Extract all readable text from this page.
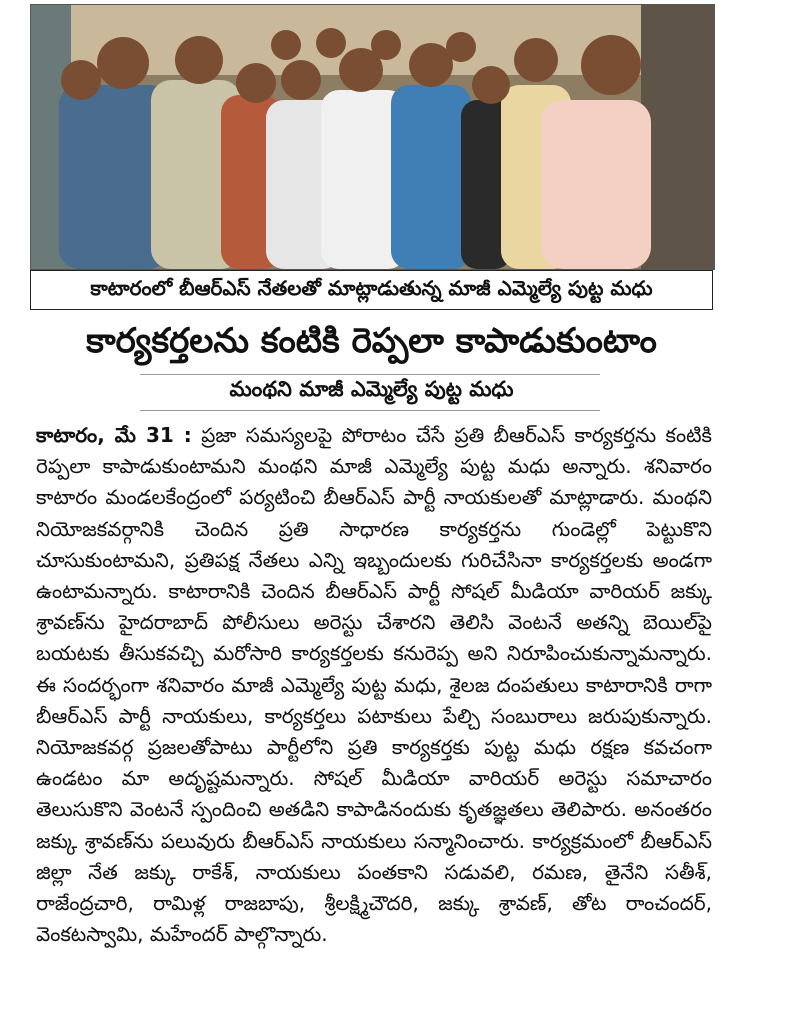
కాటారంలో బీఆర్ఎస్ నేతలతో మాట్లాడుతున్న మాజీ ఎమ్మెల్యే పుట్ట మధు
కార్యకర్తలను కంటికి రెప్పలా కాపాడుకుంటాం
మంథని మాజీ ఎమ్మెల్యే పుట్ట మధు

కాటారం, మే 31 : ప్రజా సమస్యలపై పోరాటం చేసే ప్రతి బీఆర్ఎస్ కార్యకర్తను కంటికి రెప్పలా కాపాడుకుంటామని మంథని మాజీ ఎమ్మెల్యే పుట్ట మధు అన్నారు. శనివారం కాటారం మండలకేంద్రంలో పర్యటించి బీఆర్ఎస్ పార్టీ నాయకులతో మాట్లాడారు. మంథని నియోజకవర్గానికి చెందిన ప్రతి సాధారణ కార్యకర్తను గుండెల్లో పెట్టుకొని చూసుకుంటామని, ప్రతిపక్ష నేతలు ఎన్ని ఇబ్బందులకు గురిచేసినా కార్యకర్తలకు అండగా ఉంటామన్నారు. కాటారానికి చెందిన బీఆర్ఎస్ పార్టీ సోషల్ మీడియా వారియర్ జక్కు శ్రావణ్‌ను హైదరాబాద్ పోలీసులు అరెస్టు చేశారని తెలిసి వెంటనే అతన్ని బెయిల్‌పై బయటకు తీసుకవచ్చి మరోసారి కార్యకర్తలకు కనురెప్ప అని నిరూపించుకున్నామన్నారు. ఈ సందర్భంగా శనివారం మాజీ ఎమ్మెల్యే పుట్ట మధు, శైలజ దంపతులు కాటారానికి రాగా బీఆర్ఎస్ పార్టీ నాయకులు, కార్యకర్తలు పటాకులు పేల్చి సంబురాలు జరుపుకున్నారు. నియోజకవర్గ ప్రజలతోపాటు పార్టీలోని ప్రతి కార్యకర్తకు పుట్ట మధు రక్షణ కవచంగా ఉండటం మా అదృష్టమన్నారు. సోషల్ మీడియా వారియర్ అరెస్టు సమాచారం తెలుసుకొని వెంటనే స్పందించి అతడిని కాపాడినందుకు కృతజ్ఞతలు తెలిపారు. అనంతరం జక్కు శ్రావణ్‌ను పలువురు బీఆర్ఎస్ నాయకులు సన్మానించారు. కార్యక్రమంలో బీఆర్ఎస్ జిల్లా నేత జక్కు రాకేశ్, నాయకులు పంతకాని సడువలి, రమణ, తైనేని సతీశ్, రాజేంద్రచారి, రామిళ్ల రాజబాపు, శ్రీలక్ష్మిచౌదరి, జక్కు శ్రావణ్, తోట రాంచందర్, వెంకటస్వామి, మహేందర్ పాల్గొన్నారు.
